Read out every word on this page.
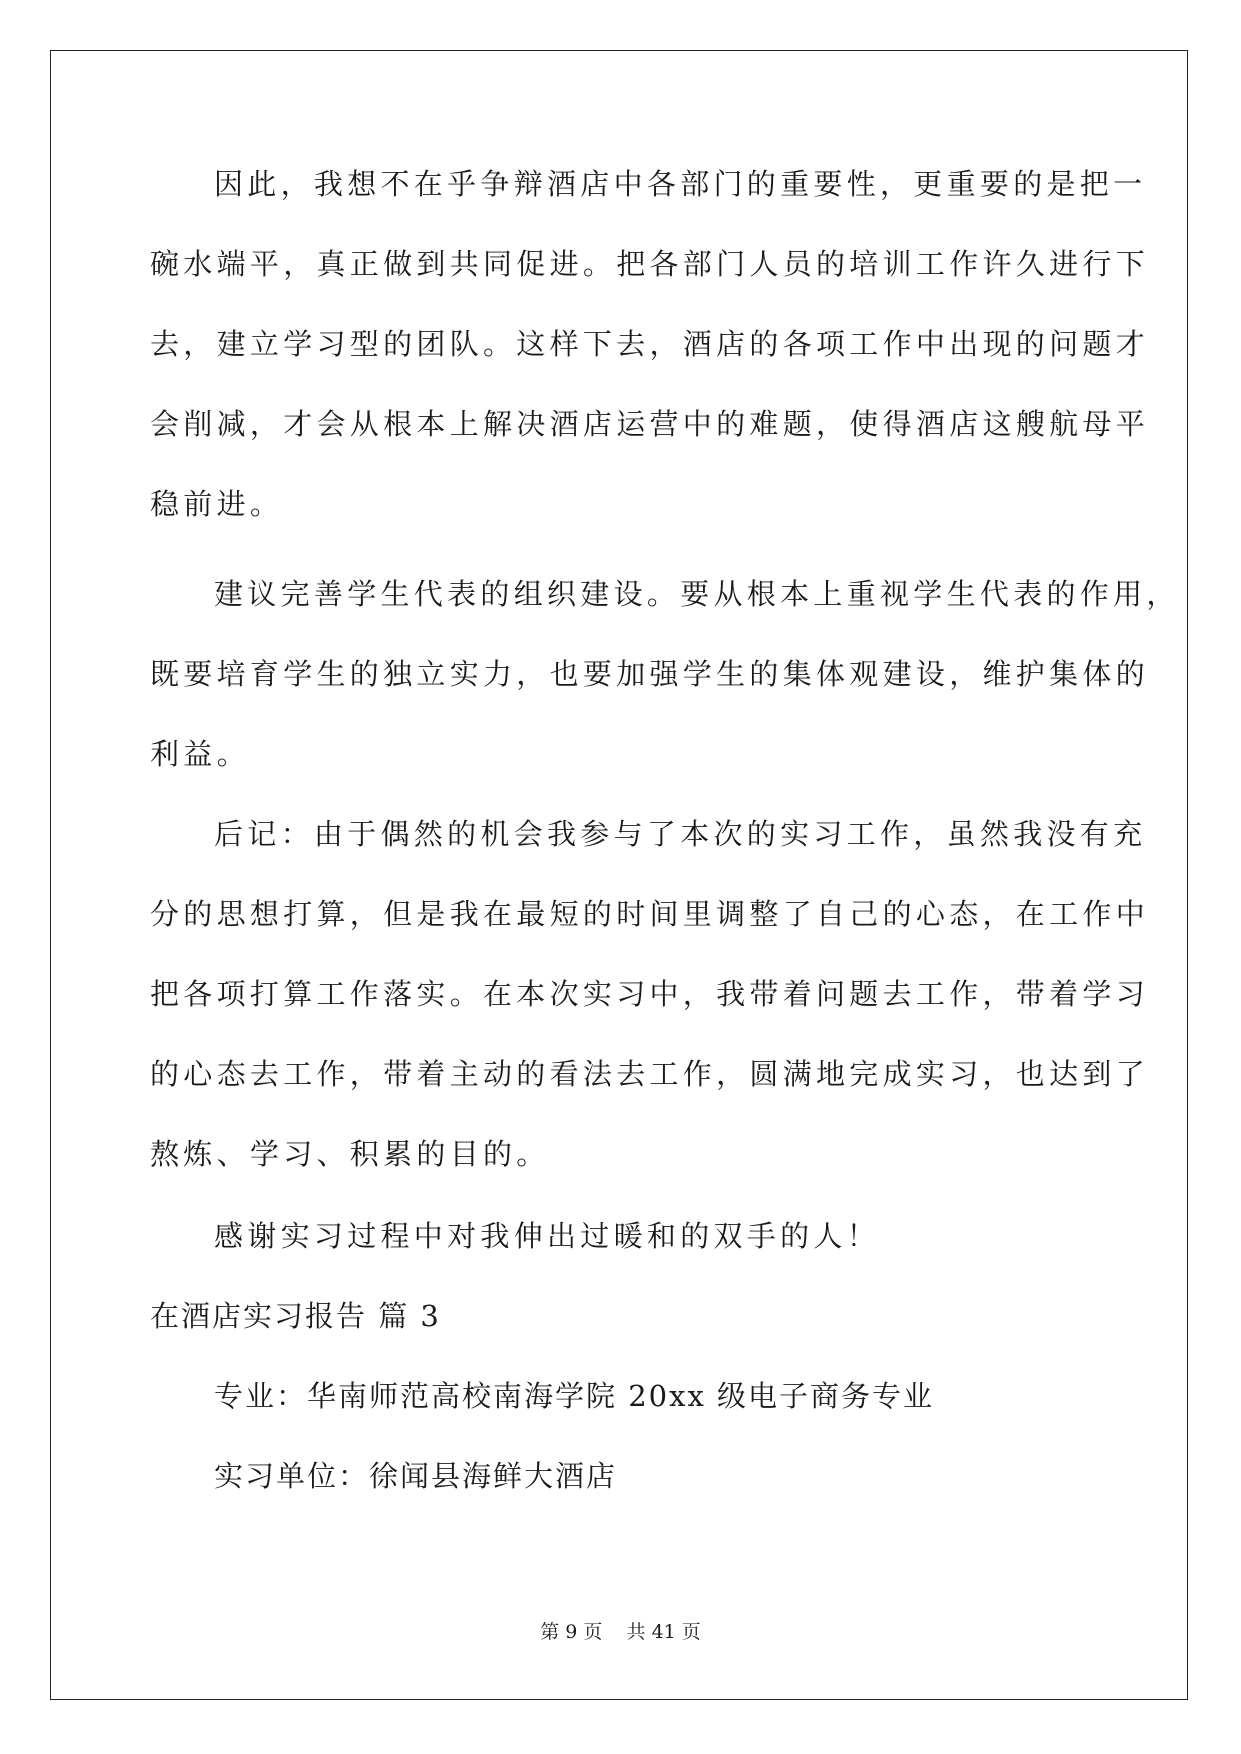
因此，我想不在乎争辩酒店中各部门的重要性，更重要的是把一
碗水端平，真正做到共同促进。把各部门人员的培训工作许久进行下
去，建立学习型的团队。这样下去，酒店的各项工作中出现的问题才
会削减，才会从根本上解决酒店运营中的难题，使得酒店这艘航母平
稳前进。
建议完善学生代表的组织建设。要从根本上重视学生代表的作用，
既要培育学生的独立实力，也要加强学生的集体观建设，维护集体的
利益。
后记：由于偶然的机会我参与了本次的实习工作，虽然我没有充
分的思想打算，但是我在最短的时间里调整了自己的心态，在工作中
把各项打算工作落实。在本次实习中，我带着问题去工作，带着学习
的心态去工作，带着主动的看法去工作，圆满地完成实习，也达到了
熬炼、学习、积累的目的。
感谢实习过程中对我伸出过暖和的双手的人！
在酒店实习报告 篇 3
专业：华南师范高校南海学院 20xx 级电子商务专业
实习单位：徐闻县海鲜大酒店
第 9 页    共 41 页
